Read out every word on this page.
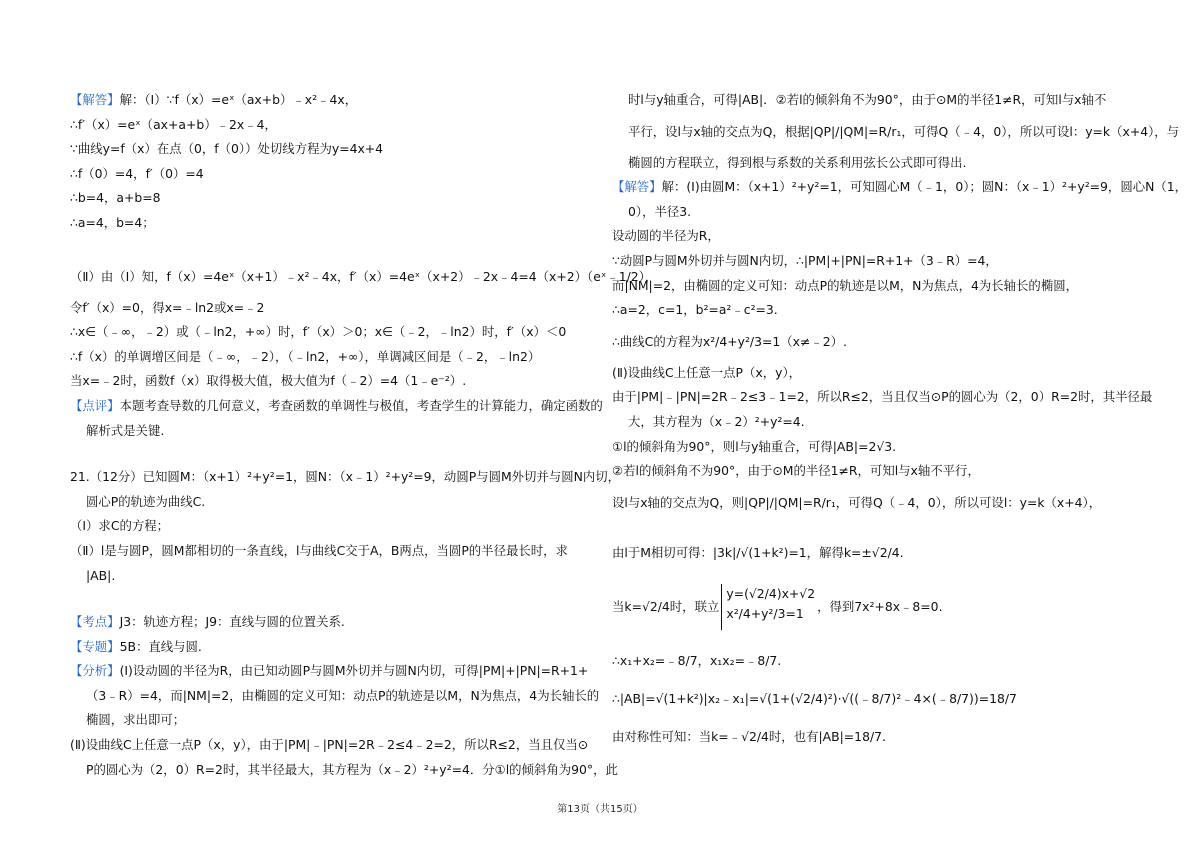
【解答】解：（Ⅰ）∵f（x）=eˣ（ax+b）﹣x²﹣4x，
∴f′（x）=eˣ（ax+a+b）﹣2x﹣4，
∵曲线y=f（x）在点（0，f（0））处切线方程为y=4x+4
∴f（0）=4，f′（0）=4
∴b=4，a+b=8
∴a=4，b=4；
（Ⅱ）由（Ⅰ）知，f（x）=4eˣ（x+1）﹣x²﹣4x，f′（x）=4eˣ（x+2）﹣2x﹣4=4（x+2）（eˣ﹣1/2），
令f′（x）=0，得x=﹣ln2或x=﹣2
∴x∈（﹣∞，﹣2）或（﹣ln2，+∞）时，f′（x）＞0；x∈（﹣2，﹣ln2）时，f′（x）＜0
∴f（x）的单调增区间是（﹣∞，﹣2），（﹣ln2，+∞），单调减区间是（﹣2，﹣ln2）
当x=﹣2时，函数f（x）取得极大值，极大值为f（﹣2）=4（1﹣e⁻²）.
【点评】本题考查导数的几何意义，考查函数的单调性与极值，考查学生的计算能力，确定函数的
解析式是关键.
21.（12分）已知圆M：（x+1）²+y²=1，圆N：（x﹣1）²+y²=9，动圆P与圆M外切并与圆N内切，
圆心P的轨迹为曲线C.
（Ⅰ）求C的方程；
（Ⅱ）l是与圆P，圆M都相切的一条直线，l与曲线C交于A，B两点，当圆P的半径最长时，求
|AB|.
【考点】J3：轨迹方程；J9：直线与圆的位置关系.
【专题】5B：直线与圆.
【分析】(Ⅰ)设动圆的半径为R，由已知动圆P与圆M外切并与圆N内切，可得|PM|+|PN|=R+1+
（3﹣R）=4，而|NM|=2，由椭圆的定义可知：动点P的轨迹是以M，N为焦点，4为长轴长的
椭圆，求出即可；
(Ⅱ)设曲线C上任意一点P（x，y），由于|PM|﹣|PN|=2R﹣2≤4﹣2=2，所以R≤2，当且仅当⊙
P的圆心为（2，0）R=2时，其半径最大，其方程为（x﹣2）²+y²=4．分①l的倾斜角为90°，此
时l与y轴重合，可得|AB|．②若l的倾斜角不为90°，由于⊙M的半径1≠R，可知l与x轴不
平行，设l与x轴的交点为Q，根据|QP|/|QM|=R/r₁，可得Q（﹣4，0），所以可设l：y=k（x+4），与
椭圆的方程联立，得到根与系数的关系利用弦长公式即可得出.
【解答】解：(Ⅰ)由圆M：（x+1）²+y²=1，可知圆心M（﹣1，0）；圆N：（x﹣1）²+y²=9，圆心N（1，
0），半径3.
设动圆的半径为R，
∵动圆P与圆M外切并与圆N内切，∴|PM|+|PN|=R+1+（3﹣R）=4，
而|NM|=2，由椭圆的定义可知：动点P的轨迹是以M，N为焦点，4为长轴长的椭圆，
∴a=2，c=1，b²=a²﹣c²=3.
∴曲线C的方程为x²/4+y²/3=1（x≠﹣2）.
(Ⅱ)设曲线C上任意一点P（x，y），
由于|PM|﹣|PN|=2R﹣2≤3﹣1=2，所以R≤2，当且仅当⊙P的圆心为（2，0）R=2时，其半径最
大，其方程为（x﹣2）²+y²=4.
①l的倾斜角为90°，则l与y轴重合，可得|AB|=2√3.
②若l的倾斜角不为90°，由于⊙M的半径1≠R，可知l与x轴不平行，
设l与x轴的交点为Q，则|QP|/|QM|=R/r₁，可得Q（﹣4，0），所以可设l：y=k（x+4），
由l于M相切可得：|3k|/√(1+k²)=1，解得k=±√2/4.
当k=√2/4时，联立
y=(√2/4)x+√2
x²/4+y²/3=1	，得到7x²+8x﹣8=0.
∴x₁+x₂=﹣8/7，x₁x₂=﹣8/7.
∴|AB|=√(1+k²)|x₂﹣x₁|=√(1+(√2/4)²)·√((﹣8/7)²﹣4×(﹣8/7))=18/7
由对称性可知：当k=﹣√2/4时，也有|AB|=18/7.
第13页（共15页）
